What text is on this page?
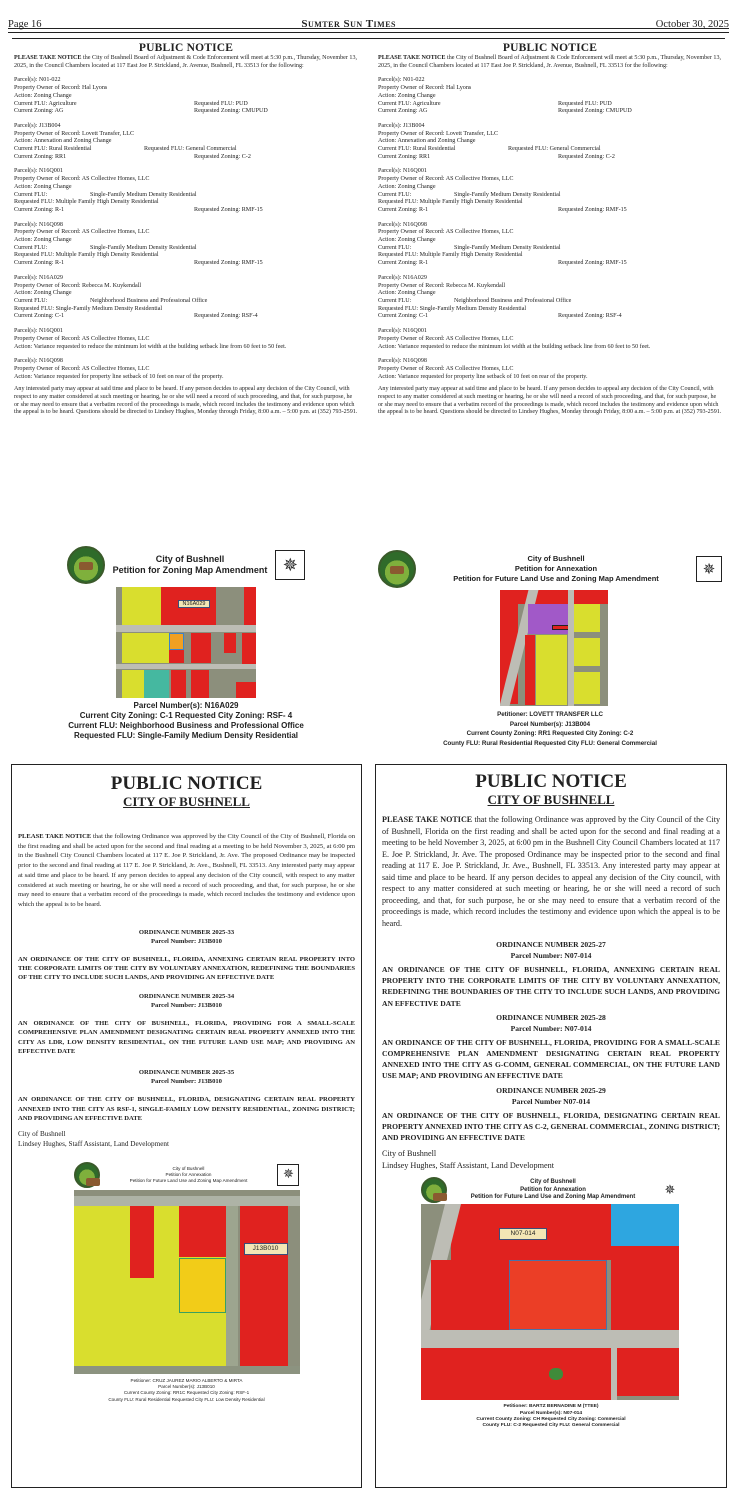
Page 16	Sumter Sun Times	October 30, 2025
PUBLIC NOTICE
PLEASE TAKE NOTICE the City of Bushnell Board of Adjustment & Code Enforcement will meet at 5:30 p.m., Thursday, November 13, 2025, in the Council Chambers located at 117 East Joe P. Strickland, Jr. Avenue, Bushnell, FL 33513 for the following:
Parcel(s): N01-022
Property Owner of Record: Hal Lyons
Action: Zoning Change
Current FLU: Agriculture	Requested FLU: PUD
Current Zoning: AG	Requested Zoning: CMUPUD
Parcel(s): J13B004
Property Owner of Record: Lovett Transfer, LLC
Action: Annexation and Zoning Change
Current FLU: Rural Residential	Requested FLU: General Commercial
Current Zoning: RR1	Requested Zoning: C-2
Parcel(s): N16Q001
Property Owner of Record: AS Collective Homes, LLC
Action: Zoning Change
Current FLU:	Single-Family Medium Density Residential
Requested FLU: Multiple Family High Density Residential
Current Zoning: R-1	Requested Zoning: RMF-15
Parcel(s): N16Q098
Property Owner of Record: AS Collective Homes, LLC
Action: Zoning Change
Current FLU:	Single-Family Medium Density Residential
Requested FLU: Multiple Family High Density Residential
Current Zoning: R-1	Requested Zoning: RMF-15
Parcel(s): N16A029
Property Owner of Record: Rebecca M. Kuykendall
Action: Zoning Change
Current FLU:	Neighborhood Business and Professional Office
Requested FLU: Single-Family Medium Density Residential
Current Zoning: C-1	Requested Zoning: RSF-4
Parcel(s): N16Q001
Property Owner of Record: AS Collective Homes, LLC
Action: Variance requested to reduce the minimum lot width at the building setback line from 60 feet to 50 feet.
Parcel(s): N16Q098
Property Owner of Record: AS Collective Homes, LLC
Action: Variance requested for property line setback of 10 feet on rear of the property.
Any interested party may appear at said time and place to be heard. If any person decides to appeal any decision of the City Council, with respect to any matter considered at such meeting or hearing, he or she will need a record of such proceeding, and that, for such purpose, he or she may need to ensure that a verbatim record of the proceedings is made, which record includes the testimony and evidence upon which the appeal is to be heard. Questions should be directed to Lindsey Hughes, Monday through Friday, 8:00 a.m. – 5:00 p.m. at (352) 793-2591.
PUBLIC NOTICE
PLEASE TAKE NOTICE the City of Bushnell Board of Adjustment & Code Enforcement will meet at 5:30 p.m., Thursday, November 13, 2025, in the Council Chambers located at 117 East Joe P. Strickland, Jr. Avenue, Bushnell, FL 33513 for the following:
Parcel(s): N01-022
Property Owner of Record: Hal Lyons
Action: Zoning Change
Current FLU: Agriculture	Requested FLU: PUD
Current Zoning: AG	Requested Zoning: CMUPUD
Parcel(s): J13B004
Property Owner of Record: Lovett Transfer, LLC
Action: Annexation and Zoning Change
Current FLU: Rural Residential	Requested FLU: General Commercial
Current Zoning: RR1	Requested Zoning: C-2
Parcel(s): N16Q001
Property Owner of Record: AS Collective Homes, LLC
Action: Zoning Change
Current FLU:	Single-Family Medium Density Residential
Requested FLU: Multiple Family High Density Residential
Current Zoning: R-1	Requested Zoning: RMF-15
Parcel(s): N16Q098
Property Owner of Record: AS Collective Homes, LLC
Action: Zoning Change
Current FLU:	Single-Family Medium Density Residential
Requested FLU: Multiple Family High Density Residential
Current Zoning: R-1	Requested Zoning: RMF-15
Parcel(s): N16A029
Property Owner of Record: Rebecca M. Kuykendall
Action: Zoning Change
Current FLU:	Neighborhood Business and Professional Office
Requested FLU: Single-Family Medium Density Residential
Current Zoning: C-1	Requested Zoning: RSF-4
Parcel(s): N16Q001
Property Owner of Record: AS Collective Homes, LLC
Action: Variance requested to reduce the minimum lot width at the building setback line from 60 feet to 50 feet.
Parcel(s): N16Q098
Property Owner of Record: AS Collective Homes, LLC
Action: Variance requested for property line setback of 10 feet on rear of the property.
Any interested party may appear at said time and place to be heard. If any person decides to appeal any decision of the City Council, with respect to any matter considered at such meeting or hearing, he or she will need a record of such proceeding, and that, for such purpose, he or she may need to ensure that a verbatim record of the proceedings is made, which record includes the testimony and evidence upon which the appeal is to be heard. Questions should be directed to Lindsey Hughes, Monday through Friday, 8:00 a.m. – 5:00 p.m. at (352) 793-2591.
City of Bushnell
Petition for Zoning Map Amendment ✵
N16A029
Parcel Number(s): N16A029
Current City Zoning: C-1 Requested City Zoning: RSF- 4
Current FLU: Neighborhood Business and Professional Office
Requested FLU: Single-Family Medium Density Residential
City of Bushnell
Petition for Annexation
Petition for Future Land Use and Zoning Map Amendment
✵
Petitioner: LOVETT TRANSFER LLC
Parcel Number(s): J13B004
Current County Zoning: RR1 Requested City Zoning: C-2
County FLU: Rural Residential Requested City FLU: General Commercial
PUBLIC NOTICE
CITY OF BUSHNELL
PLEASE TAKE NOTICE that the following Ordinance was approved by the City Council of the City of Bushnell, Florida on the first reading and shall be acted upon for the second and final reading at a meeting to be held November 3, 2025, at 6:00 pm in the Bushnell City Council Chambers located at 117 E. Joe P. Strickland, Jr. Ave. The proposed Ordinance may be inspected prior to the second and final reading at 117 E. Joe P. Strickland, Jr. Ave., Bushnell, FL 33513. Any interested party may appear at said time and place to be heard. If any person decides to appeal any decision of the City council, with respect to any matter considered at such meeting or hearing, he or she will need a record of such proceeding, and that, for such purpose, he or she may need to ensure that a verbatim record of the proceedings is made, which record includes the testimony and evidence upon which the appeal is to be heard.
ORDINANCE NUMBER 2025-33
Parcel Number: J13B010
AN ORDINANCE OF THE CITY OF BUSHNELL, FLORIDA, ANNEXING CERTAIN REAL PROPERTY INTO THE CORPORATE LIMITS OF THE CITY BY VOLUNTARY ANNEXATION, REDEFINING THE BOUNDARIES OF THE CITY TO INCLUDE SUCH LANDS, AND PROVIDING AN EFFECTIVE DATE
ORDINANCE NUMBER 2025-34
Parcel Number: J13B010
AN ORDINANCE OF THE CITY OF BUSHNELL, FLORIDA, PROVIDING FOR A SMALL-SCALE COMPREHENSIVE PLAN AMENDMENT DESIGNATING CERTAIN REAL PROPERTY ANNEXED INTO THE CITY AS LDR, LOW DENSITY RESIDENTIAL, ON THE FUTURE LAND USE MAP; AND PROVIDING AN EFFECTIVE DATE
ORDINANCE NUMBER 2025-35
Parcel Number: J13B010
AN ORDINANCE OF THE CITY OF BUSHNELL, FLORIDA, DESIGNATING CERTAIN REAL PROPERTY ANNEXED INTO THE CITY AS RSF-1, SINGLE-FAMILY LOW DENSITY RESIDENTIAL, ZONING DISTRICT; AND PROVIDING AN EFFECTIVE DATE
City of Bushnell
Lindsey Hughes, Staff Assistant, Land Development
City of Bushnell
Petition for Annexation
Petition for Future Land Use and Zoning Map Amendment	✵
J13B010
Petitioner: CRUZ JAUREZ MARIO ALBERTO & MIRTA
Parcel Number(s): J13B010
Current County Zoning: RR1C Requested City Zoning: RSF-1
County FLU: Rural Residential Requested City FLU: Low Density Residential
PUBLIC NOTICE
CITY OF BUSHNELL
PLEASE TAKE NOTICE that the following Ordinance was approved by the City Council of the City of Bushnell, Florida on the first reading and shall be acted upon for the second and final reading at a meeting to be held November 3, 2025, at 6:00 pm in the Bushnell City Council Chambers located at 117 E. Joe P. Strickland, Jr. Ave. The proposed Ordinance may be inspected prior to the second and final reading at 117 E. Joe P. Strickland, Jr. Ave., Bushnell, FL 33513. Any interested party may appear at said time and place to be heard. If any person decides to appeal any decision of the City council, with respect to any matter considered at such meeting or hearing, he or she will need a record of such proceeding, and that, for such purpose, he or she may need to ensure that a verbatim record of the proceedings is made, which record includes the testimony and evidence upon which the appeal is to be heard.
ORDINANCE NUMBER 2025-27
Parcel Number: N07-014
AN ORDINANCE OF THE CITY OF BUSHNELL, FLORIDA, ANNEXING CERTAIN REAL PROPERTY INTO THE CORPORATE LIMITS OF THE CITY BY VOLUNTARY ANNEXATION, REDEFINING THE BOUNDARIES OF THE CITY TO INCLUDE SUCH LANDS, AND PROVIDING AN EFFECTIVE DATE
ORDINANCE NUMBER 2025-28
Parcel Number: N07-014
AN ORDINANCE OF THE CITY OF BUSHNELL, FLORIDA, PROVIDING FOR A SMALL-SCALE COMPREHENSIVE PLAN AMENDMENT DESIGNATING CERTAIN REAL PROPERTY ANNEXED INTO THE CITY AS G-COMM, GENERAL COMMERCIAL, ON THE FUTURE LAND USE MAP; AND PROVIDING AN EFFECTIVE DATE
ORDINANCE NUMBER 2025-29
Parcel Number N07-014
AN ORDINANCE OF THE CITY OF BUSHNELL, FLORIDA, DESIGNATING CERTAIN REAL PROPERTY ANNEXED INTO THE CITY AS C-2, GENERAL COMMERCIAL, ZONING DISTRICT; AND PROVIDING AN EFFECTIVE DATE
City of Bushnell
Lindsey Hughes, Staff Assistant, Land Development
City of Bushnell
Petition for Annexation
Petition for Future Land Use and Zoning Map Amendment	✵
N07-014
Petitioner: BARTZ BERNADINE M (TTEE)
Parcel Number(s): N07-014
Current County Zoning: CH Requested City Zoning: Commercial
County FLU: C-2 Requested City FLU: General Commercial
